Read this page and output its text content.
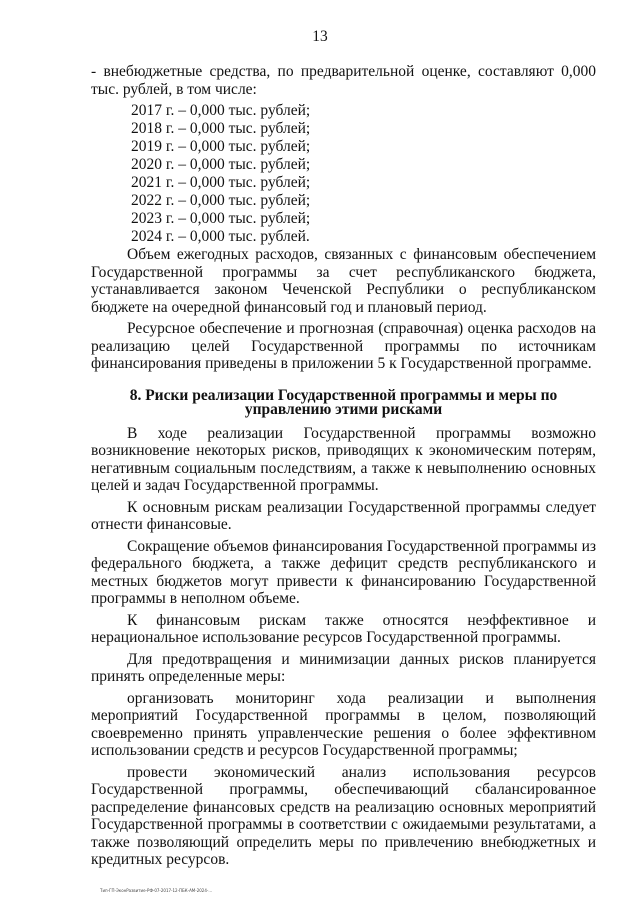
13

- внебюджетные средства, по предварительной оценке, составляют 0,000 тыс. рублей, в том числе:

2017 г. – 0,000 тыс. рублей;
2018 г. – 0,000 тыс. рублей;
2019 г. – 0,000 тыс. рублей;
2020 г. – 0,000 тыс. рублей;
2021 г. – 0,000 тыс. рублей;
2022 г. – 0,000 тыс. рублей;
2023 г. – 0,000 тыс. рублей;
2024 г. – 0,000 тыс. рублей.

Объем ежегодных расходов, связанных с финансовым обеспечением Государственной программы за счет республиканского бюджета, устанавливается законом Чеченской Республики о республиканском бюджете на очередной финансовый год и плановый период.

Ресурсное обеспечение и прогнозная (справочная) оценка расходов на реализацию целей Государственной программы по источникам финансирования приведены в приложении 5 к Государственной программе.

8. Риски реализации Государственной программы и меры по управлению этими рисками

В ходе реализации Государственной программы возможно возникновение некоторых рисков, приводящих к экономическим потерям, негативным социальным последствиям, а также к невыполнению основных целей и задач Государственной программы.

К основным рискам реализации Государственной программы следует отнести финансовые.

Сокращение объемов финансирования Государственной программы из федерального бюджета, а также дефицит средств республиканского и местных бюджетов могут привести к финансированию Государственной программы в неполном объеме.

К финансовым рискам также относятся неэффективное и нерациональное использование ресурсов Государственной программы.

Для предотвращения и минимизации данных рисков планируется принять определенные меры:

организовать мониторинг хода реализации и выполнения мероприятий Государственной программы в целом, позволяющий своевременно принять управленческие решения о более эффективном использовании средств и ресурсов Государственной программы;

провести экономический анализ использования ресурсов Государственной программы, обеспечивающий сбалансированное распределение финансовых средств на реализацию основных мероприятий Государственной программы в соответствии с ожидаемыми результатами, а также позволяющий определить меры по привлечению внебюджетных и кредитных ресурсов.

Тип-ГП-ЭконРазвитие-РФ-07-2017-12-ПБК-АМ-2024-...
